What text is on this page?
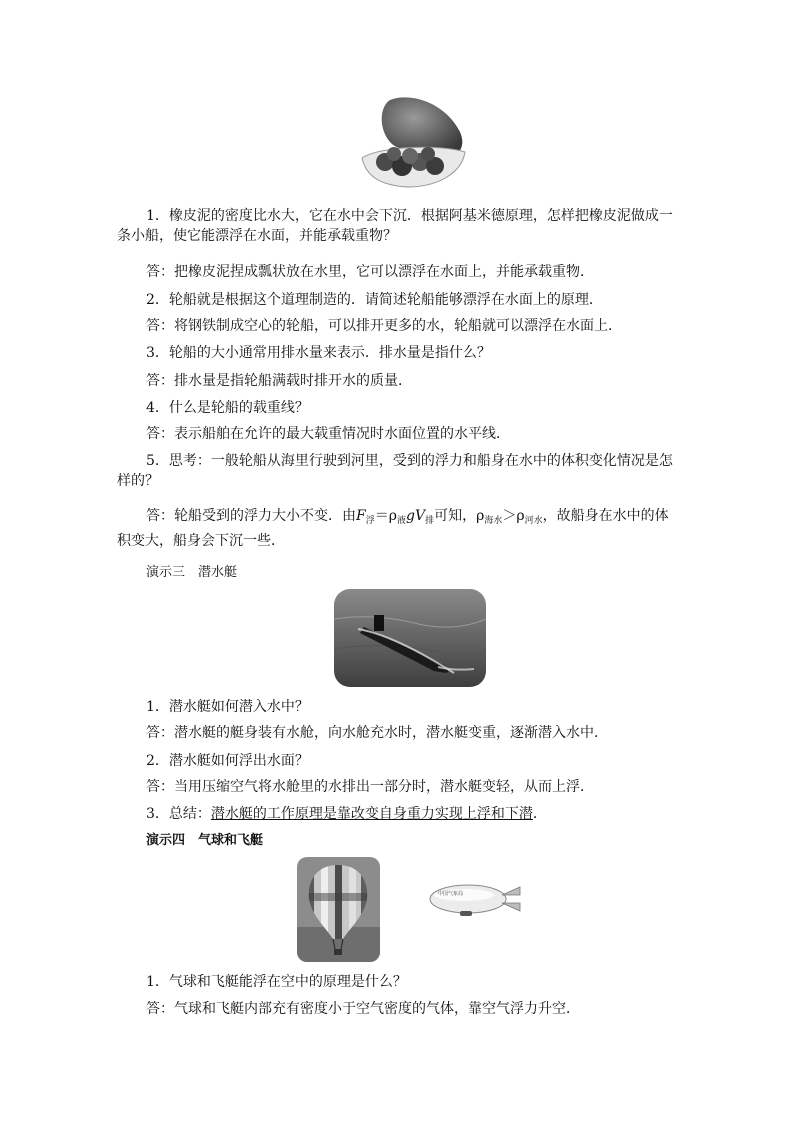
1．橡皮泥的密度比水大，它在水中会下沉．根据阿基米德原理，怎样把橡皮泥做成一条小船，使它能漂浮在水面，并能承载重物？
答：把橡皮泥捏成瓢状放在水里，它可以漂浮在水面上，并能承载重物．
2．轮船就是根据这个道理制造的．请简述轮船能够漂浮在水面上的原理．
答：将钢铁制成空心的轮船，可以排开更多的水，轮船就可以漂浮在水面上．
3．轮船的大小通常用排水量来表示．排水量是指什么？
答：排水量是指轮船满载时排开水的质量．
4．什么是轮船的载重线？
答：表示船舶在允许的最大载重情况时水面位置的水平线．
5．思考：一般轮船从海里行驶到河里，受到的浮力和船身在水中的体积变化情况是怎样的？
答：轮船受到的浮力大小不变．由$F_浮=\rho_液gV_排$可知，$\rho_{海水}>\rho_{河水}$，故船身在水中的体积变大，船身会下沉一些．
演示三　潜水艇
1．潜水艇如何潜入水中？
答：潜水艇的艇身装有水舱，向水舱充水时，潜水艇变重，逐渐潜入水中．
2．潜水艇如何浮出水面？
答：当用压缩空气将水舱里的水排出一部分时，潜水艇变轻，从而上浮．
3．总结：潜水艇的工作原理是靠改变自身重力实现上浮和下潜.
演示四　气球和飞艇
中国气象局
1．气球和飞艇能浮在空中的原理是什么？
答：气球和飞艇内部充有密度小于空气密度的气体，靠空气浮力升空．
